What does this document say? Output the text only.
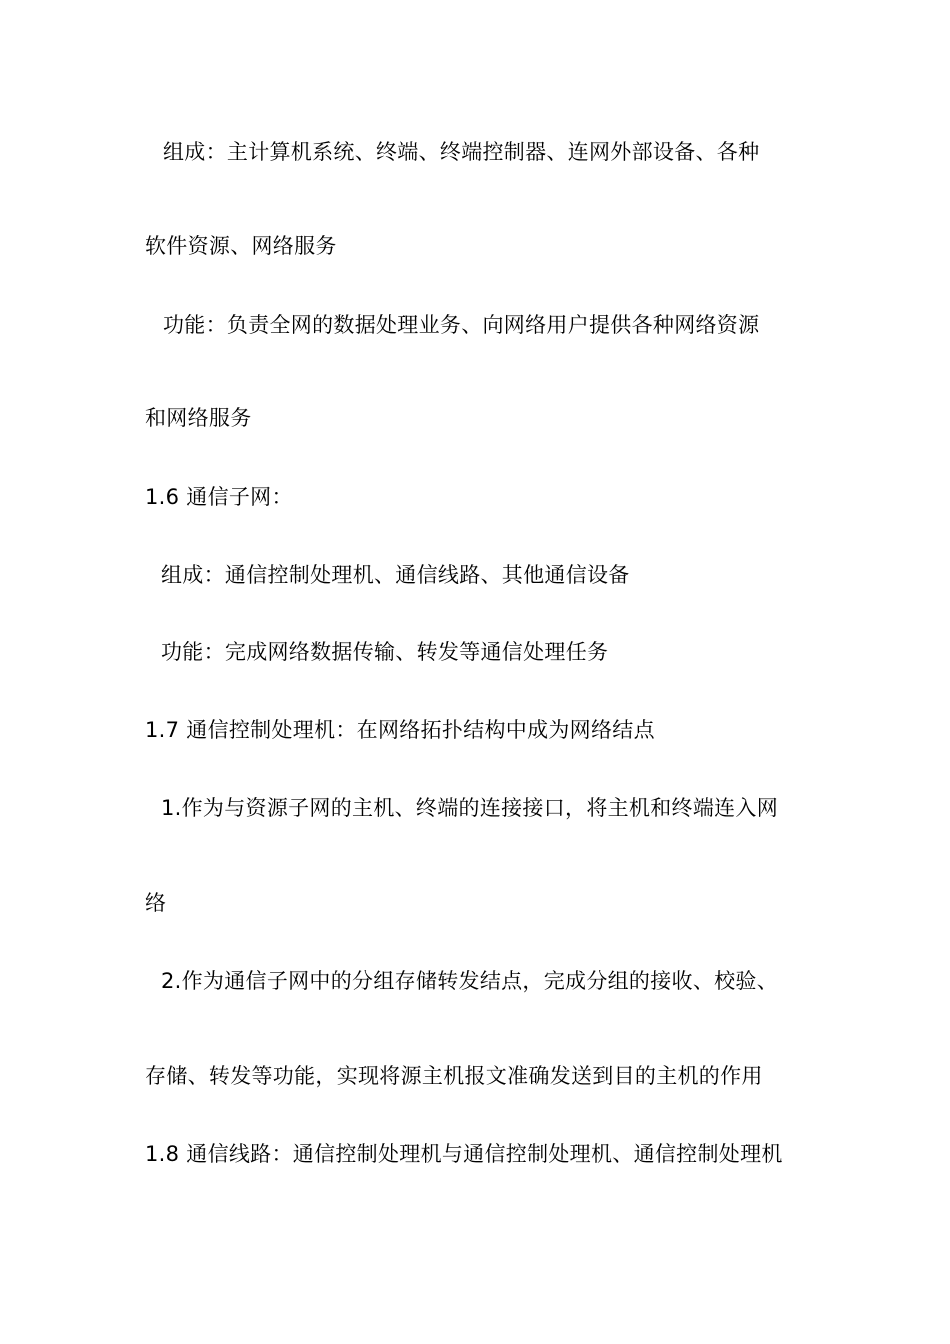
组成：主计算机系统、终端、终端控制器、连网外部设备、各种
软件资源、网络服务
功能：负责全网的数据处理业务、向网络用户提供各种网络资源
和网络服务
1.6 通信子网：
组成：通信控制处理机、通信线路、其他通信设备
功能：完成网络数据传输、转发等通信处理任务
1.7 通信控制处理机：在网络拓扑结构中成为网络结点
1.作为与资源子网的主机、终端的连接接口，将主机和终端连入网
络
2.作为通信子网中的分组存储转发结点，完成分组的接收、校验、
存储、转发等功能，实现将源主机报文准确发送到目的主机的作用
1.8 通信线路：通信控制处理机与通信控制处理机、通信控制处理机
